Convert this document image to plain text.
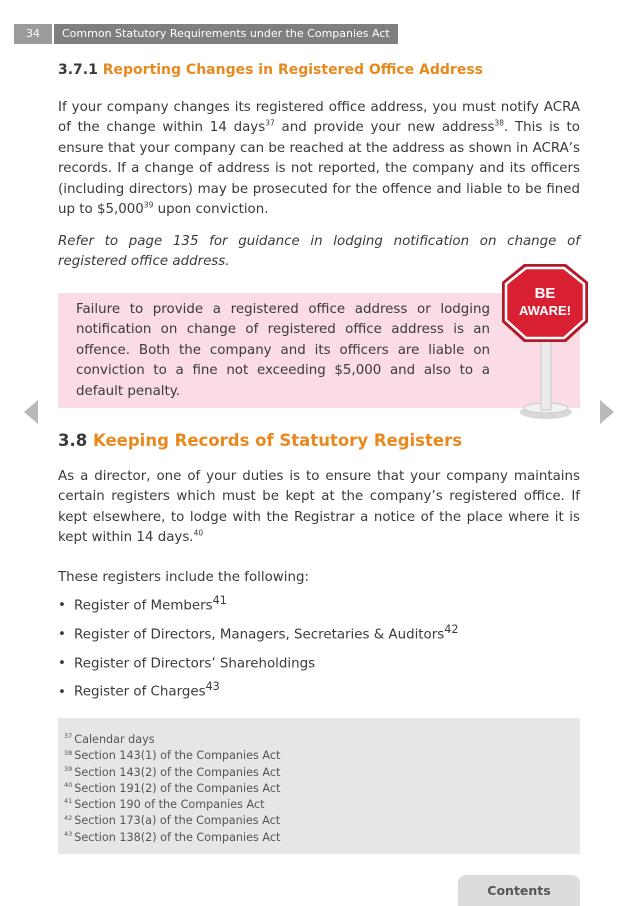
34	Common Statutory Requirements under the Companies Act
3.7.1 Reporting Changes in Registered Office Address

If your company changes its registered office address, you must notify ACRA of the change within 14 days$^{37}$ and provide your new address$^{38}$. This is to ensure that your company can be reached at the address as shown in ACRA’s records. If a change of address is not reported, the company and its officers (including directors) may be prosecuted for the offence and liable to be fined up to $5,000$^{39}$ upon conviction.

Refer to page 135 for guidance in lodging notification on change of registered office address.

Failure to provide a registered office address or lodging notification on change of registered office address is an offence. Both the company and its officers are liable on conviction to a fine not exceeding $5,000 and also to a default penalty.

BE
AWARE!
3.8 Keeping Records of Statutory Registers

As a director, one of your duties is to ensure that your company maintains certain registers which must be kept at the company’s registered office. If kept elsewhere, to lodge with the Registrar a notice of the place where it is kept within 14 days.$^{40}$

These registers include the following:

• Register of Members$^{41}$
• Register of Directors, Managers, Secretaries & Auditors$^{42}$
• Register of Directors’ Shareholdings
• Register of Charges$^{43}$
$^{37}$ Calendar days
$^{38}$ Section 143(1) of the Companies Act
$^{39}$ Section 143(2) of the Companies Act
$^{40}$ Section 191(2) of the Companies Act
$^{41}$ Section 190 of the Companies Act
$^{42}$ Section 173(a) of the Companies Act
$^{43}$ Section 138(2) of the Companies Act
Contents
